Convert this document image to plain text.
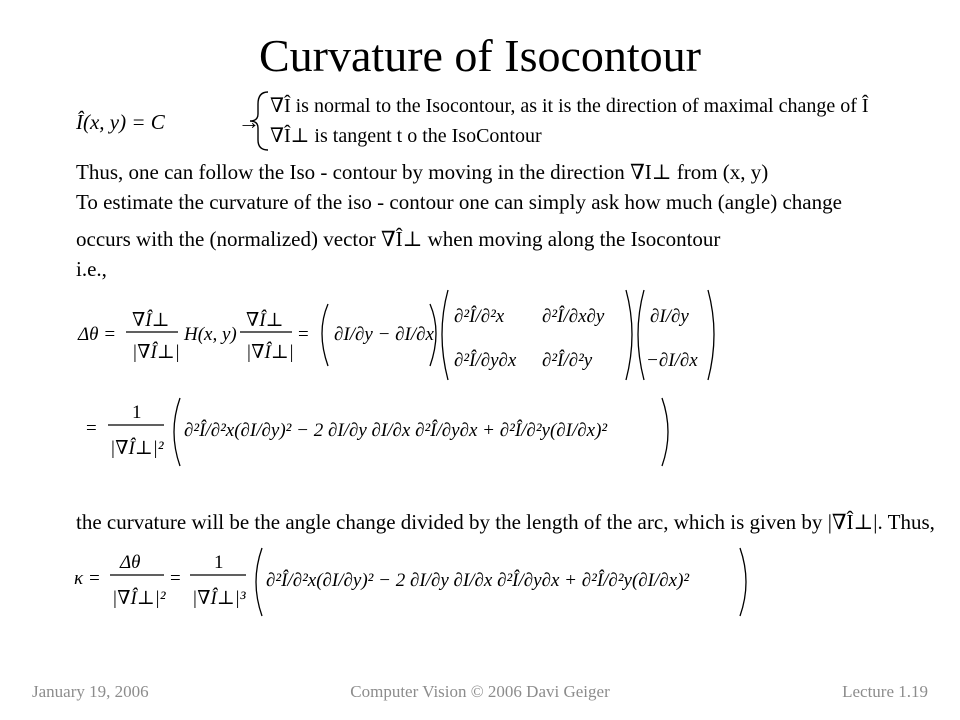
Curvature of Isocontour
Î(x, y) = C	→
∇Î is normal to the Isocontour, as it is the direction of maximal change of Î
∇Î⊥ is tangent t o the IsoContour
Thus, one can follow the Iso - contour by moving in the direction ∇I⊥ from (x, y)
To estimate the curvature of the iso - contour one can simply ask how much (angle) change
occurs with the (normalized) vector ∇Î⊥ when moving along the Isocontour
i.e.,
Δθ =
∇Î⊥
|∇Î⊥|
H(x, y)
∇Î⊥
|∇Î⊥|
= ∂I/∂y − ∂I/∂x
∂²Î/∂²x ∂²Î/∂x∂y
∂²Î/∂y∂x ∂²Î/∂²y
∂I/∂y
−∂I/∂x
=
1
|∇Î⊥|²
∂²Î/∂²x(∂I/∂y)² − 2 ∂I/∂y ∂I/∂x ∂²Î/∂y∂x + ∂²Î/∂²y(∂I/∂x)²
the curvature will be the angle change divided by the length of the arc, which is given by |∇Î⊥|. Thus,
κ =
Δθ
|∇Î⊥|²
=
1
|∇Î⊥|³
∂²Î/∂²x(∂I/∂y)² − 2 ∂I/∂y ∂I/∂x ∂²Î/∂y∂x + ∂²Î/∂²y(∂I/∂x)²
January 19, 2006	Computer Vision © 2006 Davi Geiger	Lecture 1.19
